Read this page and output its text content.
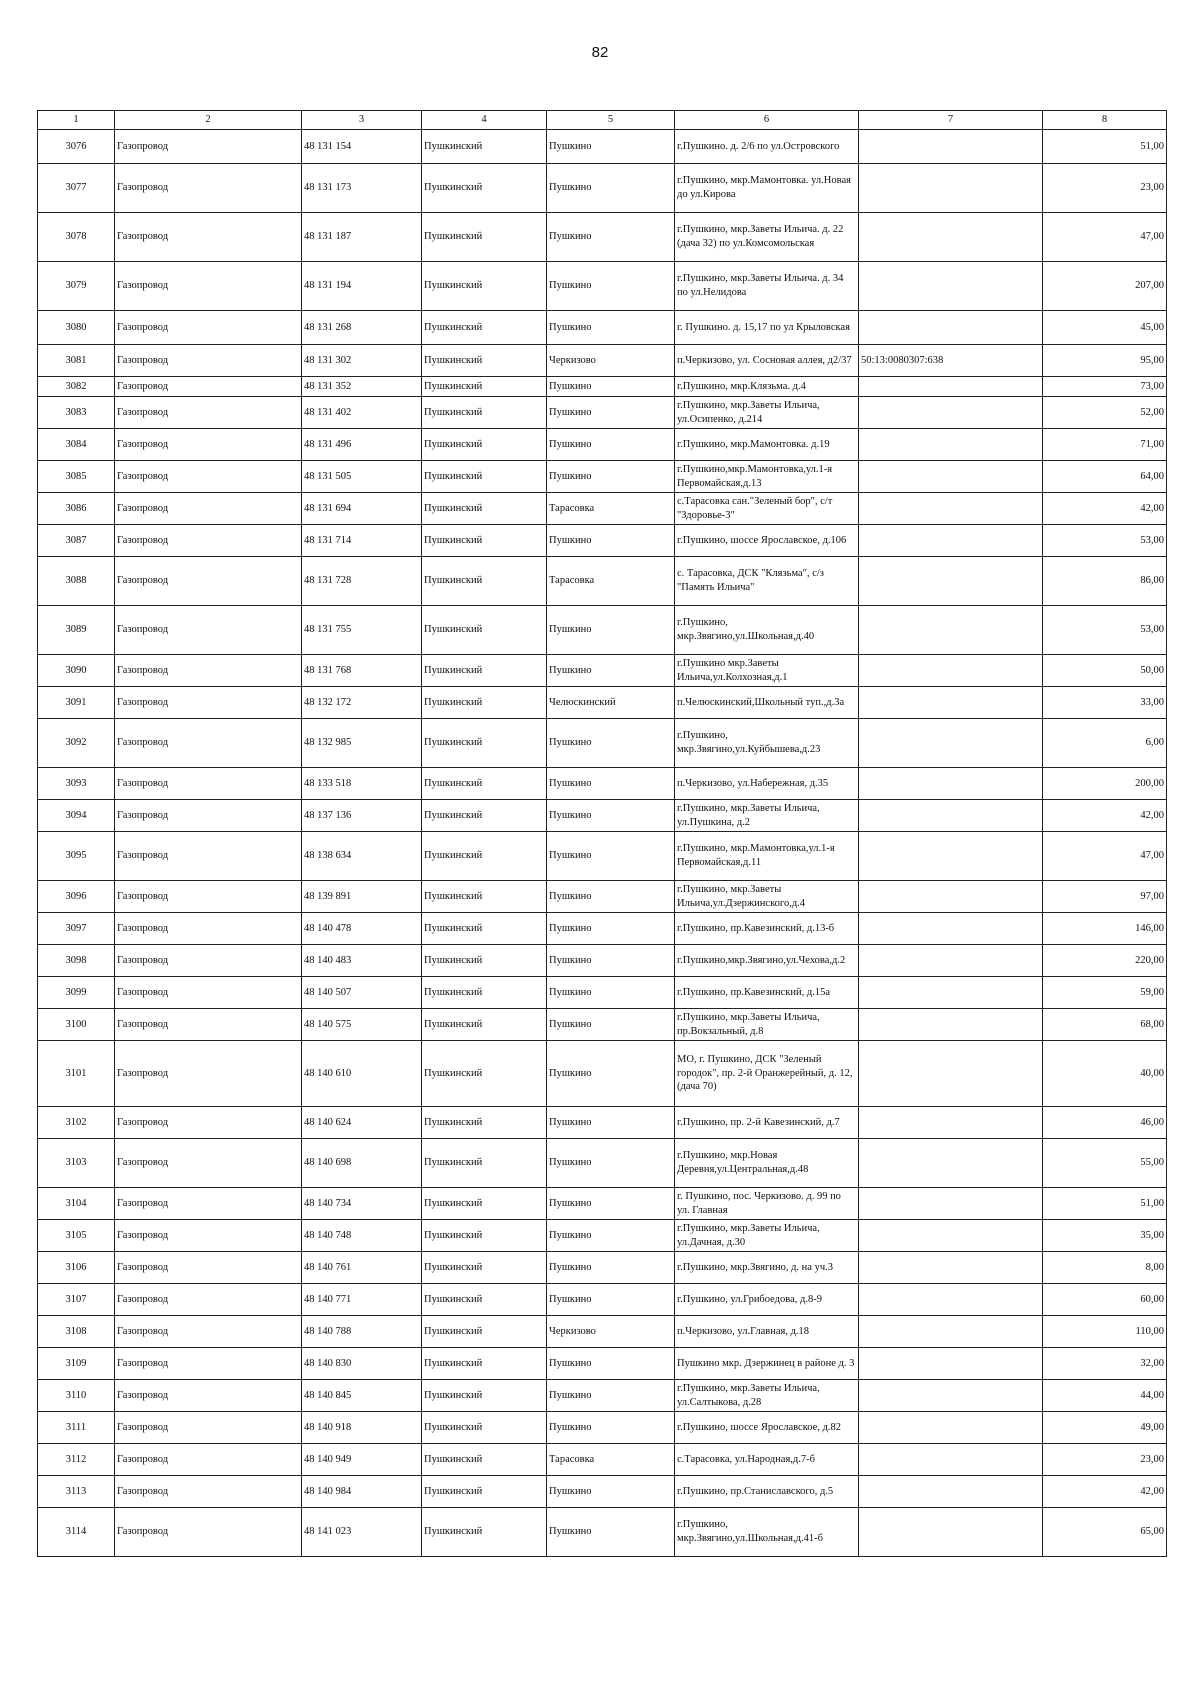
82
1	2	3	4	5	6	7	8
3076	Газопровод	48 131 154	Пушкинский	Пушкино	г.Пушкино. д. 2/6 по ул.Островского		51,00
3077	Газопровод	48 131 173	Пушкинский	Пушкино	г.Пушкино, мкр.Мамонтовка. ул.Новая до ул.Кирова		23,00
3078	Газопровод	48 131 187	Пушкинский	Пушкино	г.Пушкино, мкр.Заветы Ильича. д. 22 (дача 32) по ул.Комсомольская		47,00
3079	Газопровод	48 131 194	Пушкинский	Пушкино	г.Пушкино, мкр.Заветы Ильича. д. 34 по ул.Нелидова		207,00
3080	Газопровод	48 131 268	Пушкинский	Пушкино	г. Пушкино. д. 15,17 по ул Крыловская		45,00
3081	Газопровод	48 131 302	Пушкинский	Черкизово	п.Черкизово, ул. Сосновая аллея, д2/37	50:13:0080307:638	95,00
3082	Газопровод	48 131 352	Пушкинский	Пушкино	г.Пушкино, мкр.Клязьма. д.4		73,00
3083	Газопровод	48 131 402	Пушкинский	Пушкино	г.Пушкино, мкр.Заветы Ильича, ул.Осипенко, д.214		52,00
3084	Газопровод	48 131 496	Пушкинский	Пушкино	г.Пушкино, мкр.Мамонтовка. д.19		71,00
3085	Газопровод	48 131 505	Пушкинский	Пушкино	г.Пушкино,мкр.Мамонтовка,ул.1-я Первомайская,д.13		64,00
3086	Газопровод	48 131 694	Пушкинский	Тарасовка	с.Тарасовка сан."Зеленый бор", с/т "Здоровье-3"		42,00
3087	Газопровод	48 131 714	Пушкинский	Пушкино	г.Пушкино, шоссе Ярославское, д.106		53,00
3088	Газопровод	48 131 728	Пушкинский	Тарасовка	с. Тарасовка, ДСК "Клязьма", с/з "Память Ильича"		86,00
3089	Газопровод	48 131 755	Пушкинский	Пушкино	г.Пушкино, мкр.Звягино,ул.Школьная,д.40		53,00
3090	Газопровод	48 131 768	Пушкинский	Пушкино	г.Пушкино мкр.Заветы Ильича,ул.Колхозная,д.1		50,00
3091	Газопровод	48 132 172	Пушкинский	Челюскинский	п.Челюскинский,Школьный туп.,д.3а		33,00
3092	Газопровод	48 132 985	Пушкинский	Пушкино	г.Пушкино, мкр.Звягино,ул.Куйбышева,д.23		6,00
3093	Газопровод	48 133 518	Пушкинский	Пушкино	п.Черкизово, ул.Набережная, д.35		200,00
3094	Газопровод	48 137 136	Пушкинский	Пушкино	г.Пушкино, мкр.Заветы Ильича, ул.Пушкина, д.2		42,00
3095	Газопровод	48 138 634	Пушкинский	Пушкино	г.Пушкино, мкр.Мамонтовка,ул.1-я Первомайская,д.11		47,00
3096	Газопровод	48 139 891	Пушкинский	Пушкино	г.Пушкино, мкр.Заветы Ильича,ул.Дзержинского,д.4		97,00
3097	Газопровод	48 140 478	Пушкинский	Пушкино	г.Пушкино, пр.Кавезинский, д.13-б		146,00
3098	Газопровод	48 140 483	Пушкинский	Пушкино	г.Пушкино,мкр.Звягино,ул.Чехова,д.2		220,00
3099	Газопровод	48 140 507	Пушкинский	Пушкино	г.Пушкино, пр.Кавезинский, д.15а		59,00
3100	Газопровод	48 140 575	Пушкинский	Пушкино	г.Пушкино, мкр.Заветы Ильича, пр.Вокзальный, д.8		68,00
3101	Газопровод	48 140 610	Пушкинский	Пушкино	МО, г. Пушкино, ДСК "Зеленый городок", пр. 2-й Оранжерейный, д. 12, (дача 70)		40,00
3102	Газопровод	48 140 624	Пушкинский	Пушкино	г.Пушкино, пр. 2-й Кавезинский, д.7		46,00
3103	Газопровод	48 140 698	Пушкинский	Пушкино	г.Пушкино, мкр.Новая Деревня,ул.Центральная,д.48		55,00
3104	Газопровод	48 140 734	Пушкинский	Пушкино	г. Пушкино, пос. Черкизово. д. 99 по ул. Главная		51,00
3105	Газопровод	48 140 748	Пушкинский	Пушкино	г.Пушкино, мкр.Заветы Ильича, ул.Дачная, д.30		35,00
3106	Газопровод	48 140 761	Пушкинский	Пушкино	г.Пушкино, мкр.Звягино, д. на уч.3		8,00
3107	Газопровод	48 140 771	Пушкинский	Пушкино	г.Пушкино, ул.Грибоедова, д.8-9		60,00
3108	Газопровод	48 140 788	Пушкинский	Черкизово	п.Черкизово, ул.Главная, д.18		110,00
3109	Газопровод	48 140 830	Пушкинский	Пушкино	Пушкино мкр. Дзержинец в районе д. 3		32,00
3110	Газопровод	48 140 845	Пушкинский	Пушкино	г.Пушкино, мкр.Заветы Ильича, ул.Салтыкова, д.28		44,00
3111	Газопровод	48 140 918	Пушкинский	Пушкино	г.Пушкино, шоссе Ярославское, д.82		49,00
3112	Газопровод	48 140 949	Пушкинский	Тарасовка	с.Тарасовка, ул.Народная,д.7-б		23,00
3113	Газопровод	48 140 984	Пушкинский	Пушкино	г.Пушкино, пр.Станиславского, д.5		42,00
3114	Газопровод	48 141 023	Пушкинский	Пушкино	г.Пушкино, мкр.Звягино,ул.Школьная,д.41-б		65,00
